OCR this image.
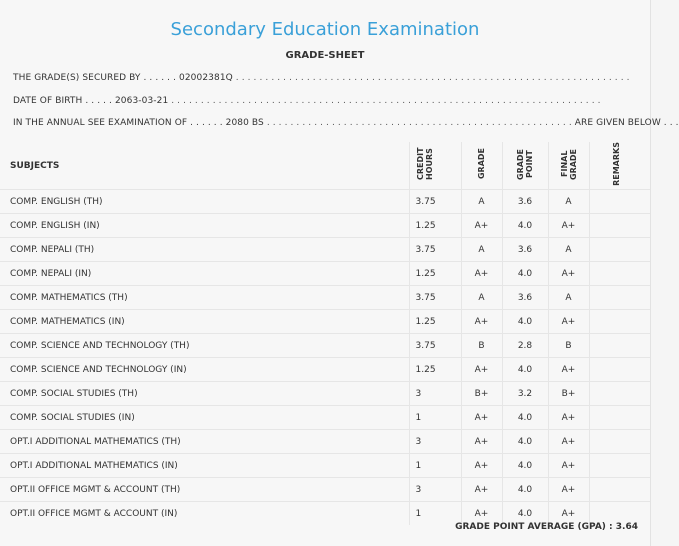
Secondary Education Examination
GRADE-SHEET
THE GRADE(S) SECURED BY . . . . . . 02002381Q . . . . . . . . . . . . . . . . . . . . . . . . . . . . . . . . . . . . . . . . . . . . . . . . . . . . . . . . . . . . . . . . . . .
DATE OF BIRTH . . . . . 2063-03-21 . . . . . . . . . . . . . . . . . . . . . . . . . . . . . . . . . . . . . . . . . . . . . . . . . . . . . . . . . . . . . . . . . . . . . . . . .
IN THE ANNUAL SEE EXAMINATION OF . . . . . . 2080 BS . . . . . . . . . . . . . . . . . . . . . . . . . . . . . . . . . . . . . . . . . . . . . . . . . . . . ARE GIVEN BELOW . . .
SUBJECTS	CREDIT HOURS	GRADE	GRADE POINT	FINAL GRADE	REMARKS
COMP. ENGLISH (TH)	3.75	A	3.6	A	
COMP. ENGLISH (IN)	1.25	A+	4.0	A+	
COMP. NEPALI (TH)	3.75	A	3.6	A	
COMP. NEPALI (IN)	1.25	A+	4.0	A+	
COMP. MATHEMATICS (TH)	3.75	A	3.6	A	
COMP. MATHEMATICS (IN)	1.25	A+	4.0	A+	
COMP. SCIENCE AND TECHNOLOGY (TH)	3.75	B	2.8	B	
COMP. SCIENCE AND TECHNOLOGY (IN)	1.25	A+	4.0	A+	
COMP. SOCIAL STUDIES (TH)	3	B+	3.2	B+	
COMP. SOCIAL STUDIES (IN)	1	A+	4.0	A+	
OPT.I ADDITIONAL MATHEMATICS (TH)	3	A+	4.0	A+	
OPT.I ADDITIONAL MATHEMATICS (IN)	1	A+	4.0	A+	
OPT.II OFFICE MGMT & ACCOUNT (TH)	3	A+	4.0	A+	
OPT.II OFFICE MGMT & ACCOUNT (IN)	1	A+	4.0	A+	
GRADE POINT AVERAGE (GPA) : 3.64
